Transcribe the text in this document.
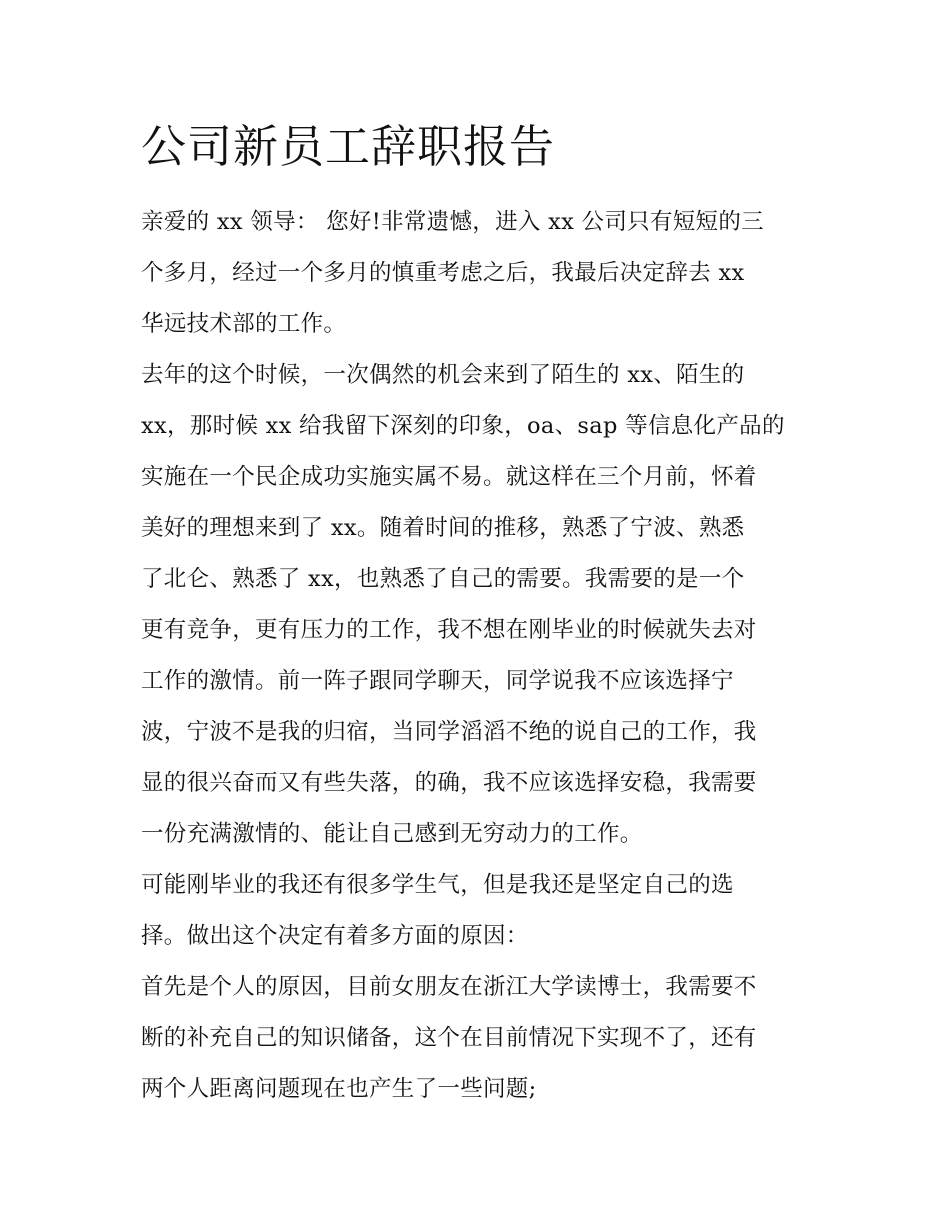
公司新员工辞职报告
亲爱的 xx 领导： 您好!非常遗憾，进入 xx 公司只有短短的三
个多月，经过一个多月的慎重考虑之后，我最后决定辞去 xx
华远技术部的工作。
去年的这个时候，一次偶然的机会来到了陌生的 xx、陌生的
xx，那时候 xx 给我留下深刻的印象，oa、sap 等信息化产品的
实施在一个民企成功实施实属不易。就这样在三个月前，怀着
美好的理想来到了 xx。随着时间的推移，熟悉了宁波、熟悉
了北仑、熟悉了 xx，也熟悉了自己的需要。我需要的是一个
更有竞争，更有压力的工作，我不想在刚毕业的时候就失去对
工作的激情。前一阵子跟同学聊天，同学说我不应该选择宁
波，宁波不是我的归宿，当同学滔滔不绝的说自己的工作，我
显的很兴奋而又有些失落，的确，我不应该选择安稳，我需要
一份充满激情的、能让自己感到无穷动力的工作。
可能刚毕业的我还有很多学生气，但是我还是坚定自己的选
择。做出这个决定有着多方面的原因：
首先是个人的原因，目前女朋友在浙江大学读博士，我需要不
断的补充自己的知识储备，这个在目前情况下实现不了，还有
两个人距离问题现在也产生了一些问题;
